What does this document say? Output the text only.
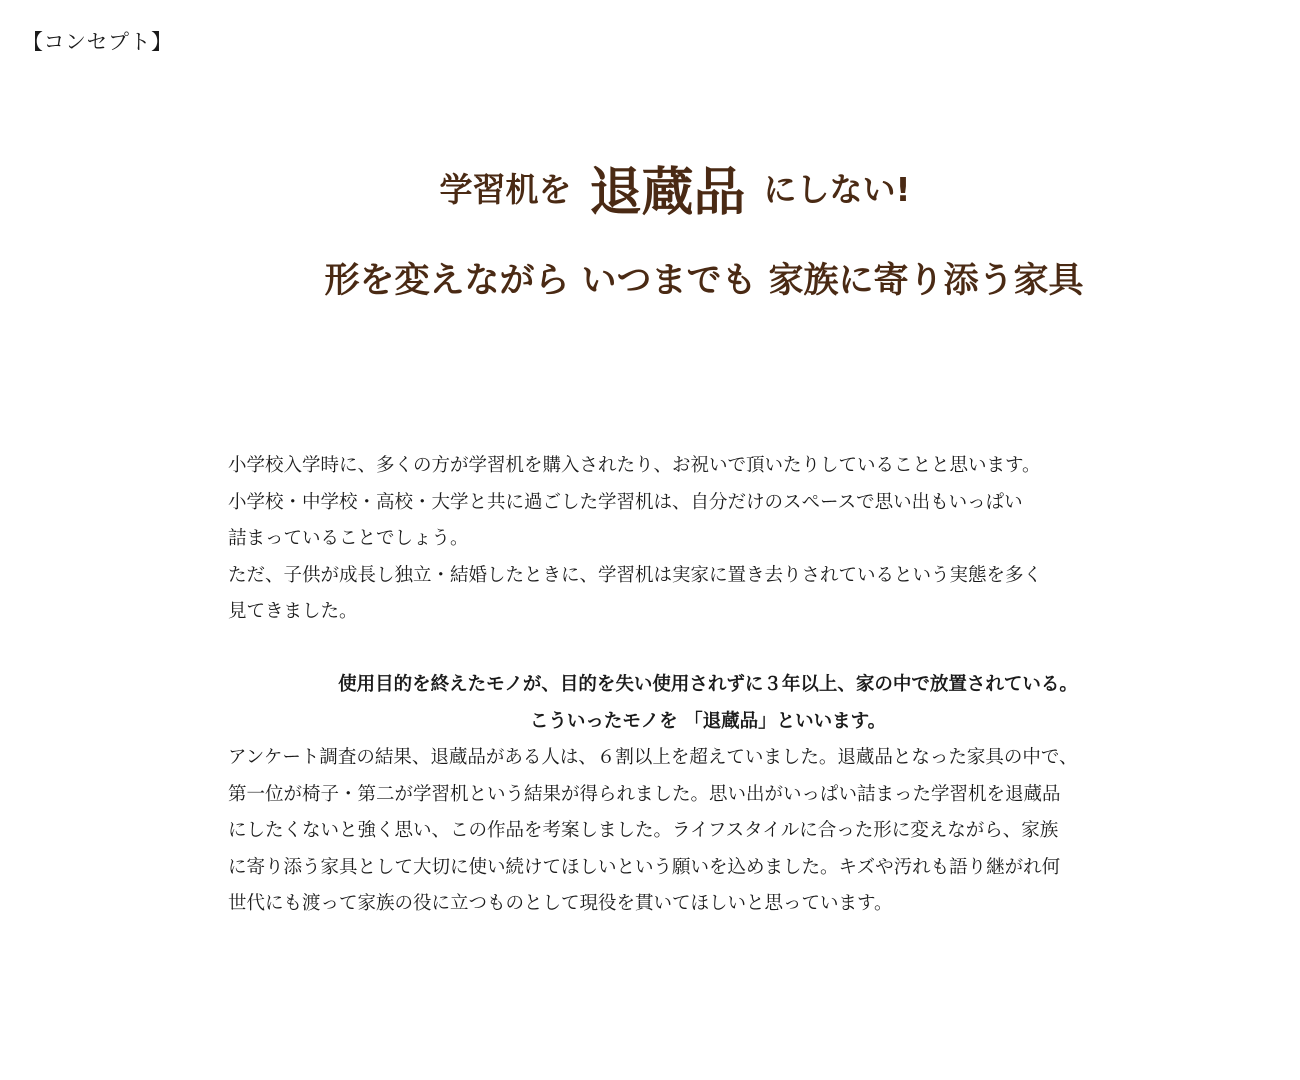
【コンセプト】
学習机を 退蔵品 にしない!
形を変えながら いつまでも 家族に寄り添う家具

小学校入学時に、多くの方が学習机を購入されたり、お祝いで頂いたりしていることと思います。

小学校・中学校・高校・大学と共に過ごした学習机は、自分だけのスペースで思い出もいっぱい

詰まっていることでしょう。

ただ、子供が成長し独立・結婚したときに、学習机は実家に置き去りされているという実態を多く

見てきました。

使用目的を終えたモノが、目的を失い使用されずに３年以上、家の中で放置されている。

こういったモノを 「退蔵品」といいます。

アンケート調査の結果、退蔵品がある人は、６割以上を超えていました。退蔵品となった家具の中で、

第一位が椅子・第二が学習机という結果が得られました。思い出がいっぱい詰まった学習机を退蔵品

にしたくないと強く思い、この作品を考案しました。ライフスタイルに合った形に変えながら、家族

に寄り添う家具として大切に使い続けてほしいという願いを込めました。キズや汚れも語り継がれ何

世代にも渡って家族の役に立つものとして現役を貫いてほしいと思っています。
